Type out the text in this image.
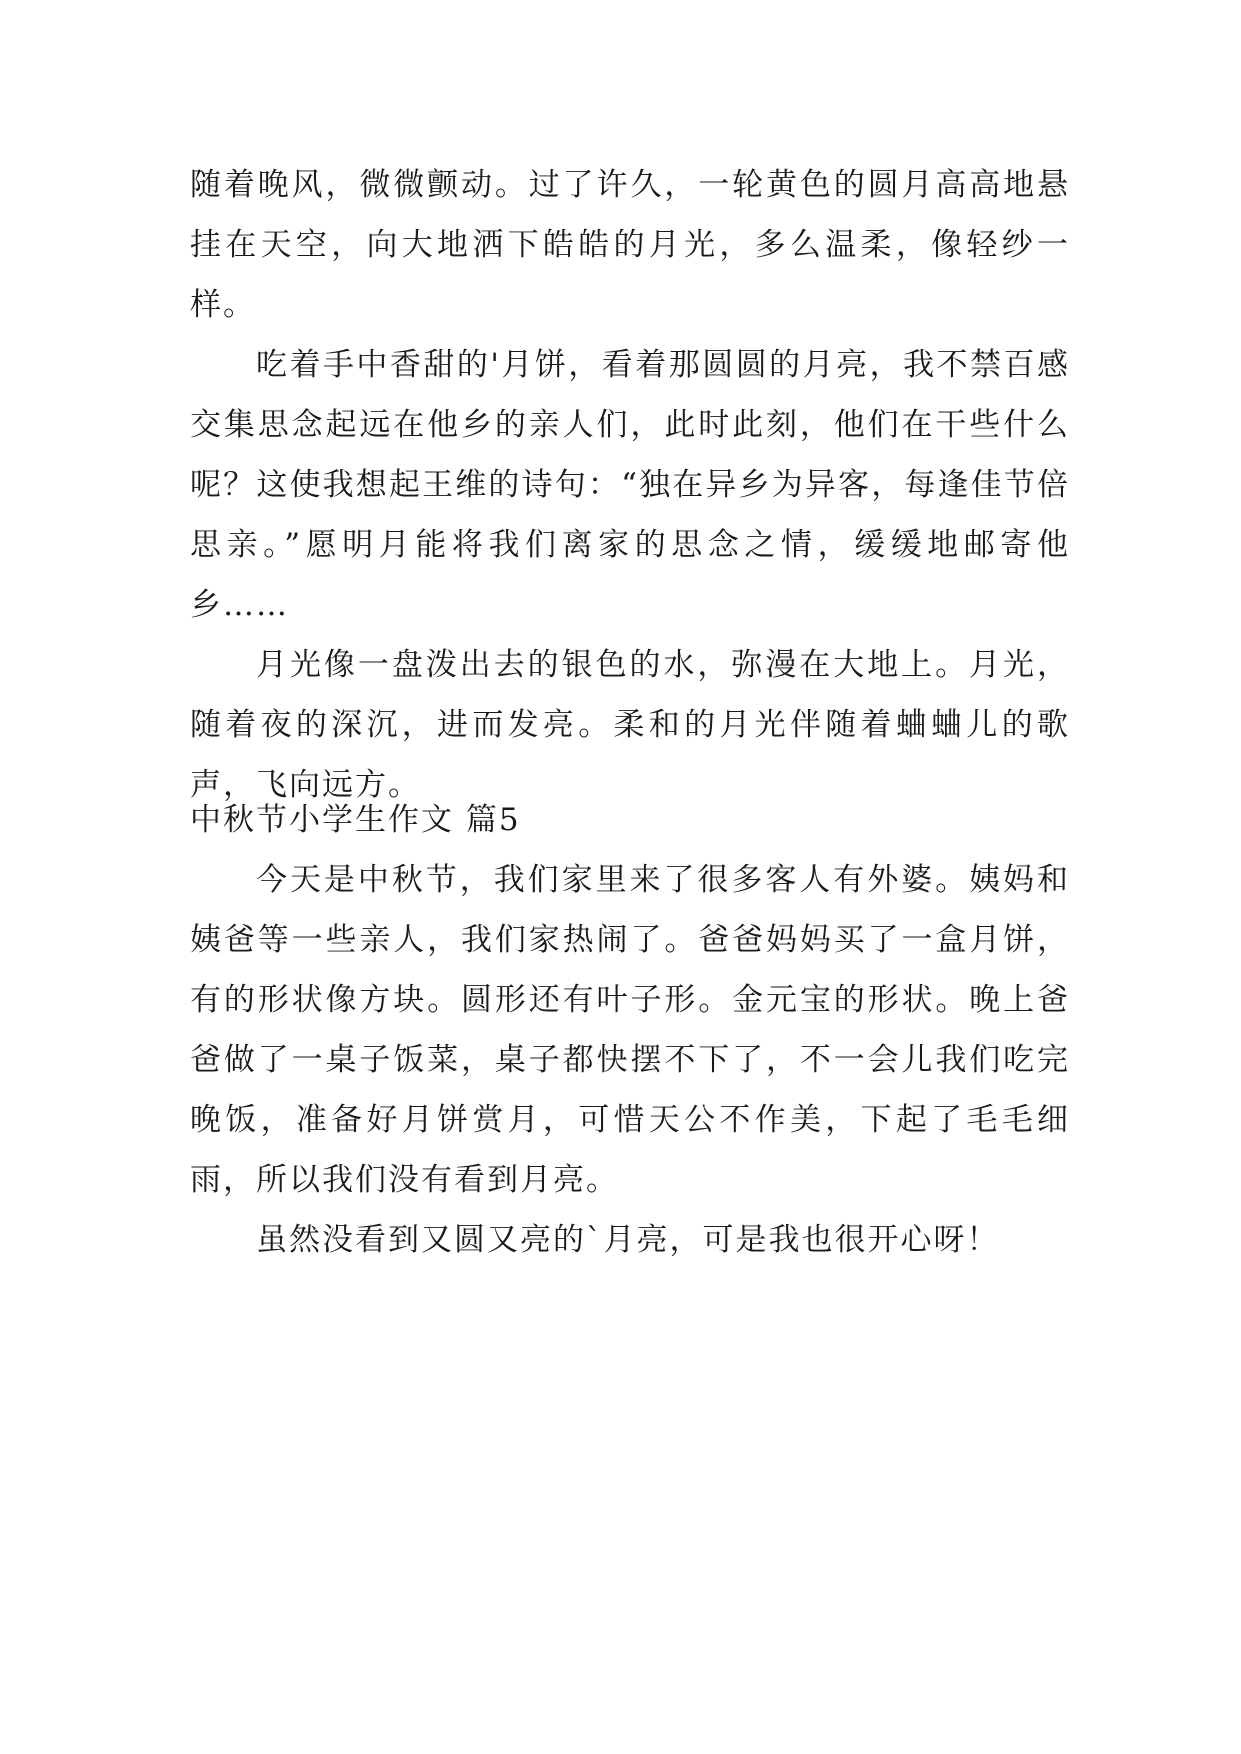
随着晚风，微微颤动。过了许久，一轮黄色的圆月高高地悬挂在天空，向大地洒下皓皓的月光，多么温柔，像轻纱一样。

吃着手中香甜的'月饼，看着那圆圆的月亮，我不禁百感交集思念起远在他乡的亲人们，此时此刻，他们在干些什么呢？这使我想起王维的诗句：“独在异乡为异客，每逢佳节倍思亲。”愿明月能将我们离家的思念之情，缓缓地邮寄他乡……

月光像一盘泼出去的银色的水，弥漫在大地上。月光，随着夜的深沉，进而发亮。柔和的月光伴随着蛐蛐儿的歌声，飞向远方。

中秋节小学生作文 篇5

今天是中秋节，我们家里来了很多客人有外婆。姨妈和姨爸等一些亲人，我们家热闹了。爸爸妈妈买了一盒月饼，有的形状像方块。圆形还有叶子形。金元宝的形状。晚上爸爸做了一桌子饭菜，桌子都快摆不下了，不一会儿我们吃完晚饭，准备好月饼赏月，可惜天公不作美，下起了毛毛细雨，所以我们没有看到月亮。

虽然没看到又圆又亮的`月亮，可是我也很开心呀！
